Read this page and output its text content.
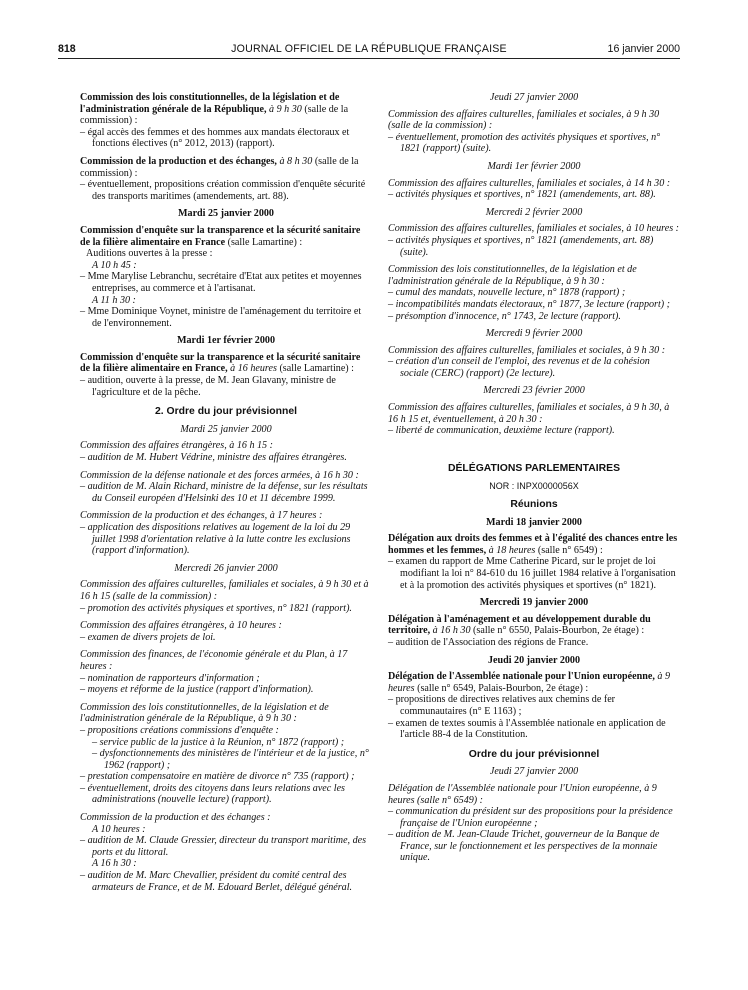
818	JOURNAL OFFICIEL DE LA RÉPUBLIQUE FRANÇAISE	16 janvier 2000

Commission des lois constitutionnelles, de la législation et de l'administration générale de la République, à 9 h 30 (salle de la commission) :

– égal accès des femmes et des hommes aux mandats électoraux et fonctions électives (n° 2012, 2013) (rapport).

Commission de la production et des échanges, à 8 h 30 (salle de la commission) :

– éventuellement, propositions création commission d'enquête sécurité des transports maritimes (amendements, art. 88).

Mardi 25 janvier 2000

Commission d'enquête sur la transparence et la sécurité sanitaire de la filière alimentaire en France (salle Lamartine) :

Auditions ouvertes à la presse :

A 10 h 45 :

– Mme Marylise Lebranchu, secrétaire d'Etat aux petites et moyennes entreprises, au commerce et à l'artisanat.

A 11 h 30 :

– Mme Dominique Voynet, ministre de l'aménagement du territoire et de l'environnement.

Mardi 1er février 2000

Commission d'enquête sur la transparence et la sécurité sanitaire de la filière alimentaire en France, à 16 heures (salle Lamartine) :

– audition, ouverte à la presse, de M. Jean Glavany, ministre de l'agriculture et de la pêche.

2. Ordre du jour prévisionnel

Mardi 25 janvier 2000

Commission des affaires étrangères, à 16 h 15 :

– audition de M. Hubert Védrine, ministre des affaires étrangères.

Commission de la défense nationale et des forces armées, à 16 h 30 :

– audition de M. Alain Richard, ministre de la défense, sur les résultats du Conseil européen d'Helsinki des 10 et 11 décembre 1999.

Commission de la production et des échanges, à 17 heures :

– application des dispositions relatives au logement de la loi du 29 juillet 1998 d'orientation relative à la lutte contre les exclusions (rapport d'information).

Mercredi 26 janvier 2000

Commission des affaires culturelles, familiales et sociales, à 9 h 30 et à 16 h 15 (salle de la commission) :

– promotion des activités physiques et sportives, n° 1821 (rapport).

Commission des affaires étrangères, à 10 heures :

– examen de divers projets de loi.

Commission des finances, de l'économie générale et du Plan, à 17 heures :

– nomination de rapporteurs d'information ;

– moyens et réforme de la justice (rapport d'information).

Commission des lois constitutionnelles, de la législation et de l'administration générale de la République, à 9 h 30 :

– propositions créations commissions d'enquête :

– service public de la justice à la Réunion, n° 1872 (rapport) ;

– dysfonctionnements des ministères de l'intérieur et de la justice, n° 1962 (rapport) ;

– prestation compensatoire en matière de divorce n° 735 (rapport) ;

– éventuellement, droits des citoyens dans leurs relations avec les administrations (nouvelle lecture) (rapport).

Commission de la production et des échanges :

A 10 heures :

– audition de M. Claude Gressier, directeur du transport maritime, des ports et du littoral.

A 16 h 30 :

– audition de M. Marc Chevallier, président du comité central des armateurs de France, et de M. Edouard Berlet, délégué général.

Jeudi 27 janvier 2000

Commission des affaires culturelles, familiales et sociales, à 9 h 30 (salle de la commission) :

– éventuellement, promotion des activités physiques et sportives, n° 1821 (rapport) (suite).

Mardi 1er février 2000

Commission des affaires culturelles, familiales et sociales, à 14 h 30 :

– activités physiques et sportives, n° 1821 (amendements, art. 88).

Mercredi 2 février 2000

Commission des affaires culturelles, familiales et sociales, à 10 heures :

– activités physiques et sportives, n° 1821 (amendements, art. 88) (suite).

Commission des lois constitutionnelles, de la législation et de l'administration générale de la République, à 9 h 30 :

– cumul des mandats, nouvelle lecture, n° 1878 (rapport) ;

– incompatibilités mandats électoraux, n° 1877, 3e lecture (rapport) ;

– présomption d'innocence, n° 1743, 2e lecture (rapport).

Mercredi 9 février 2000

Commission des affaires culturelles, familiales et sociales, à 9 h 30 :

– création d'un conseil de l'emploi, des revenus et de la cohésion sociale (CERC) (rapport) (2e lecture).

Mercredi 23 février 2000

Commission des affaires culturelles, familiales et sociales, à 9 h 30, à 16 h 15 et, éventuellement, à 20 h 30 :

– liberté de communication, deuxième lecture (rapport).

DÉLÉGATIONS PARLEMENTAIRES

NOR : INPX0000056X

Réunions

Mardi 18 janvier 2000

Délégation aux droits des femmes et à l'égalité des chances entre les hommes et les femmes, à 18 heures (salle n° 6549) :

– examen du rapport de Mme Catherine Picard, sur le projet de loi modifiant la loi n° 84-610 du 16 juillet 1984 relative à l'organisation et à la promotion des activités physiques et sportives (n° 1821).

Mercredi 19 janvier 2000

Délégation à l'aménagement et au développement durable du territoire, à 16 h 30 (salle n° 6550, Palais-Bourbon, 2e étage) :

– audition de l'Association des régions de France.

Jeudi 20 janvier 2000

Délégation de l'Assemblée nationale pour l'Union européenne, à 9 heures (salle n° 6549, Palais-Bourbon, 2e étage) :

– propositions de directives relatives aux chemins de fer communautaires (n° E 1163) ;

– examen de textes soumis à l'Assemblée nationale en application de l'article 88-4 de la Constitution.

Ordre du jour prévisionnel

Jeudi 27 janvier 2000

Délégation de l'Assemblée nationale pour l'Union européenne, à 9 heures (salle n° 6549) :

– communication du président sur des propositions pour la présidence française de l'Union européenne ;

– audition de M. Jean-Claude Trichet, gouverneur de la Banque de France, sur le fonctionnement et les perspectives de la monnaie unique.
